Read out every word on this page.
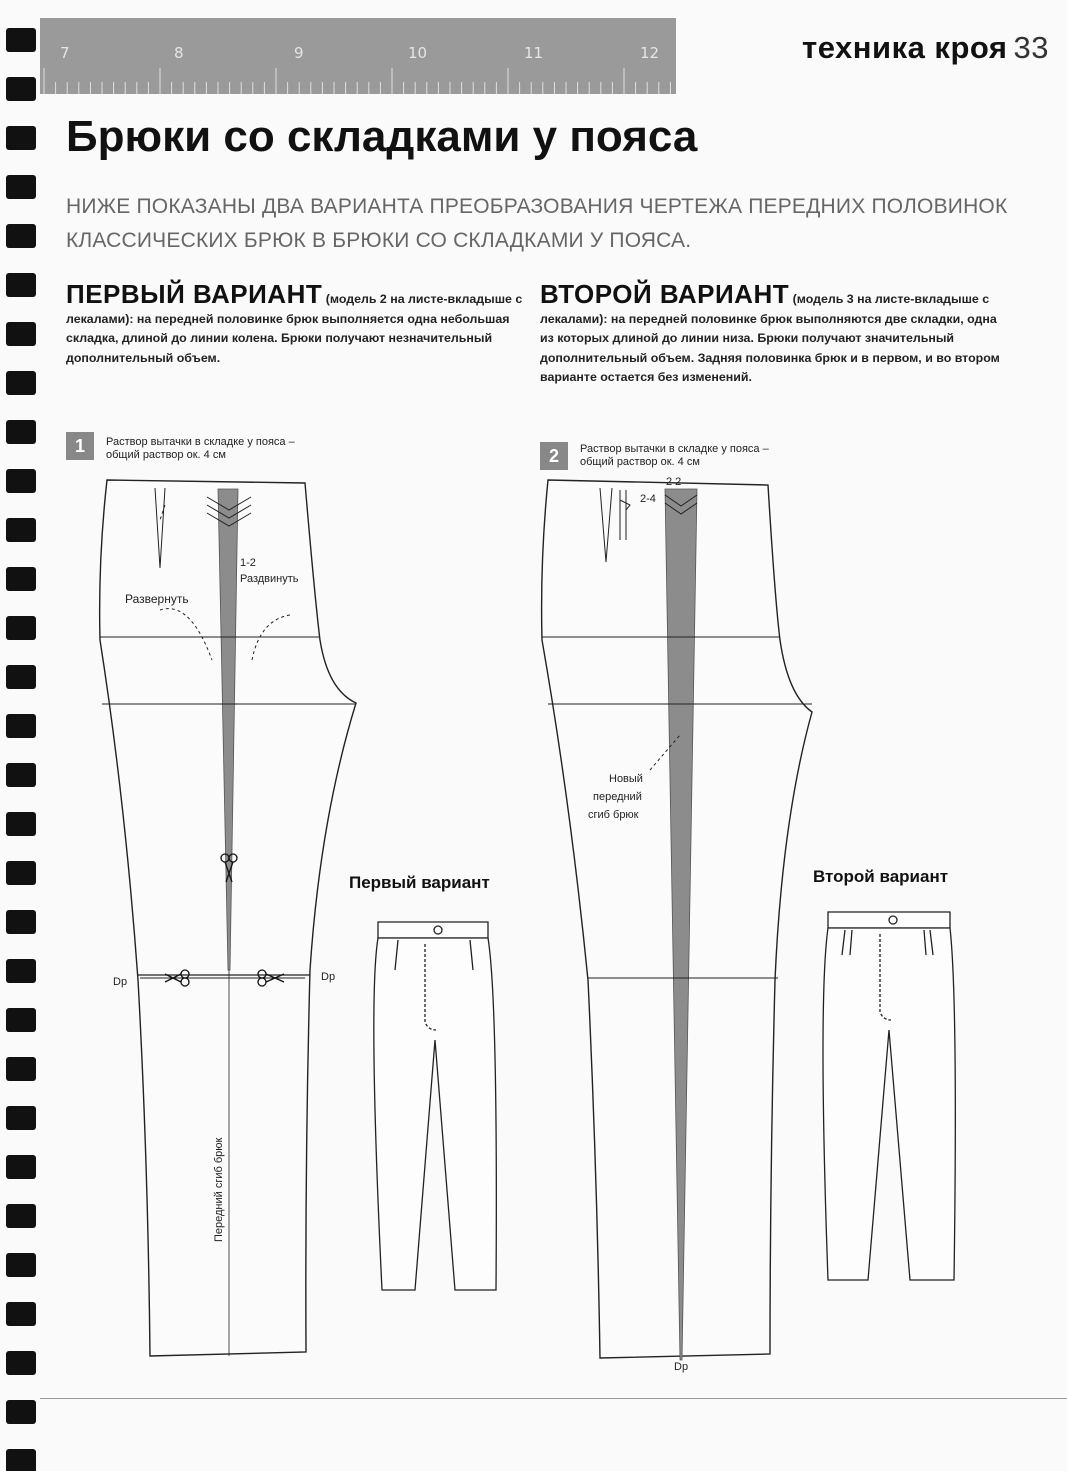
7	8	9	10	11	12	техника кроя 33
Брюки со складками у пояса
НИЖЕ ПОКАЗАНЫ ДВА ВАРИАНТА ПРЕОБРАЗОВАНИЯ ЧЕРТЕЖА ПЕРЕДНИХ ПОЛОВИНОК КЛАССИЧЕСКИХ БРЮК В БРЮКИ СО СКЛАДКАМИ У ПОЯСА.
ПЕРВЫЙ ВАРИАНТ (модель 2 на листе-вкладыше с лекалами): на передней половинке брюк выполняется одна небольшая складка, длиной до линии колена. Брюки получают незначительный дополнительный объем.
ВТОРОЙ ВАРИАНТ (модель 3 на листе-вкладыше с лекалами): на передней половинке брюк выполняются две складки, одна из которых длиной до линии низа. Брюки получают значительный дополнительный объем. Задняя половинка брюк и в первом, и во втором варианте остается без изменений.
1	Раствор вытачки в складке у пояса –
общий раствор ок. 4 см	2	Раствор вытачки в складке у пояса –
общий раствор ок. 4 см
Развернуть
1-2
Раздвинуть
Dp	Dp
Передний сгиб брюк
2 2
2-4
Новый
передний
сгиб брюк
Dp
Первый вариант	Второй вариант
